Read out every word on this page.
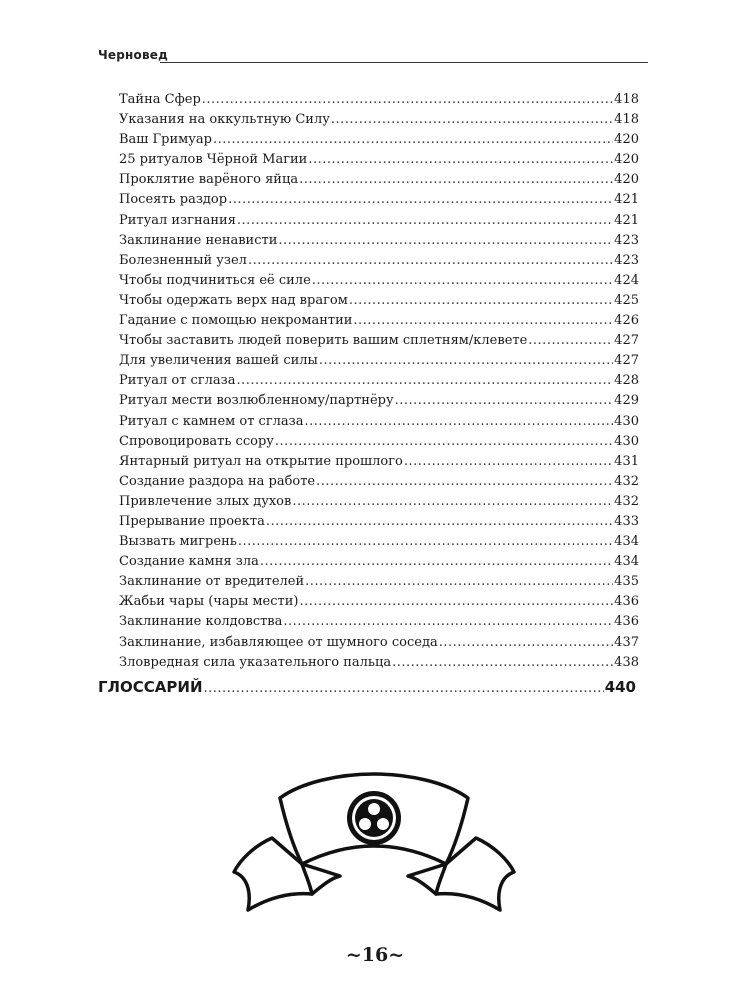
Черновед
Тайна Сфер .....	418
Указания на оккультную Силу .....	418
Ваш Гримуар .....	420
25 ритуалов Чёрной Магии .....	420
Проклятие варёного яйца .....	420
Посеять раздор .....	421
Ритуал изгнания .....	421
Заклинание ненависти .....	423
Болезненный узел .....	423
Чтобы подчиниться её силе .....	424
Чтобы одержать верх над врагом .....	425
Гадание с помощью некромантии .....	426
Чтобы заставить людей поверить вашим сплетням/клевете .....	427
Для увеличения вашей силы .....	427
Ритуал от сглаза .....	428
Ритуал мести возлюбленному/партнёру .....	429
Ритуал с камнем от сглаза .....	430
Спровоцировать ссору .....	430
Янтарный ритуал на открытие прошлого .....	431
Создание раздора на работе .....	432
Привлечение злых духов .....	432
Прерывание проекта .....	433
Вызвать мигрень .....	434
Создание камня зла .....	434
Заклинание от вредителей .....	435
Жабьи чары (чары мести) .....	436
Заклинание колдовства .....	436
Заклинание, избавляющее от шумного соседа .....	437
Зловредная сила указательного пальца .....	438
ГЛОССАРИЙ .....	440
~16~
